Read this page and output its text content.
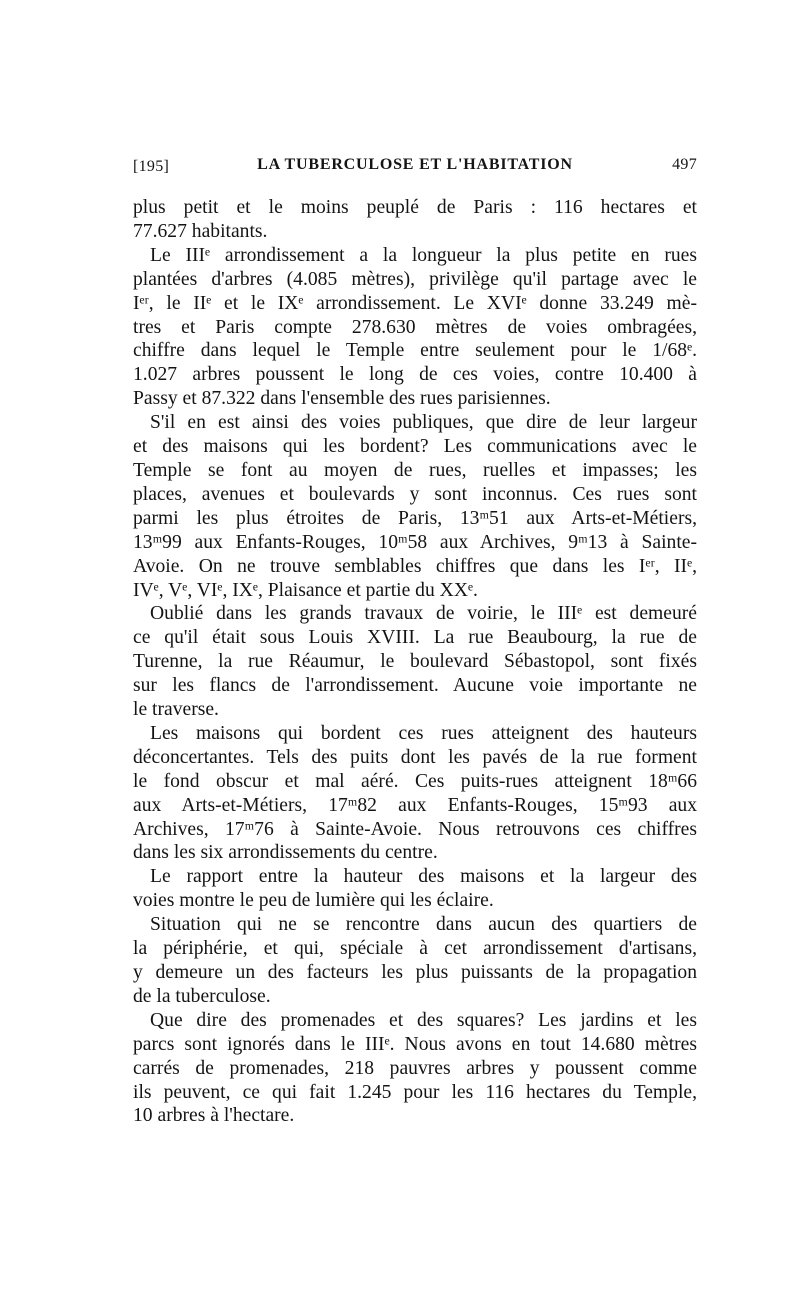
[195]	LA TUBERCULOSE ET L'HABITATION	497
plus petit et le moins peuplé de Paris : 116 hectares et
77.627 habitants.
Le IIIᵉ arrondissement a la longueur la plus petite en rues
plantées d'arbres (4.085 mètres), privilège qu'il partage avec le
Iᵉʳ, le IIᵉ et le IXᵉ arrondissement. Le XVIᵉ donne 33.249 mè-
tres et Paris compte 278.630 mètres de voies ombragées,
chiffre dans lequel le Temple entre seulement pour le 1/68ᵉ.
1.027 arbres poussent le long de ces voies, contre 10.400 à
Passy et 87.322 dans l'ensemble des rues parisiennes.
S'il en est ainsi des voies publiques, que dire de leur largeur
et des maisons qui les bordent? Les communications avec le
Temple se font au moyen de rues, ruelles et impasses; les
places, avenues et boulevards y sont inconnus. Ces rues sont
parmi les plus étroites de Paris, 13ᵐ51 aux Arts-et-Métiers,
13ᵐ99 aux Enfants-Rouges, 10ᵐ58 aux Archives, 9ᵐ13 à Sainte-
Avoie. On ne trouve semblables chiffres que dans les Iᵉʳ, IIᵉ,
IVᵉ, Vᵉ, VIᵉ, IXᵉ, Plaisance et partie du XXᵉ.
Oublié dans les grands travaux de voirie, le IIIᵉ est demeuré
ce qu'il était sous Louis XVIII. La rue Beaubourg, la rue de
Turenne, la rue Réaumur, le boulevard Sébastopol, sont fixés
sur les flancs de l'arrondissement. Aucune voie importante ne
le traverse.
Les maisons qui bordent ces rues atteignent des hauteurs
déconcertantes. Tels des puits dont les pavés de la rue forment
le fond obscur et mal aéré. Ces puits-rues atteignent 18ᵐ66
aux Arts-et-Métiers, 17ᵐ82 aux Enfants-Rouges, 15ᵐ93 aux
Archives, 17ᵐ76 à Sainte-Avoie. Nous retrouvons ces chiffres
dans les six arrondissements du centre.
Le rapport entre la hauteur des maisons et la largeur des
voies montre le peu de lumière qui les éclaire.
Situation qui ne se rencontre dans aucun des quartiers de
la périphérie, et qui, spéciale à cet arrondissement d'artisans,
y demeure un des facteurs les plus puissants de la propagation
de la tuberculose.
Que dire des promenades et des squares? Les jardins et les
parcs sont ignorés dans le IIIᵉ. Nous avons en tout 14.680 mètres
carrés de promenades, 218 pauvres arbres y poussent comme
ils peuvent, ce qui fait 1.245 pour les 116 hectares du Temple,
10 arbres à l'hectare.
